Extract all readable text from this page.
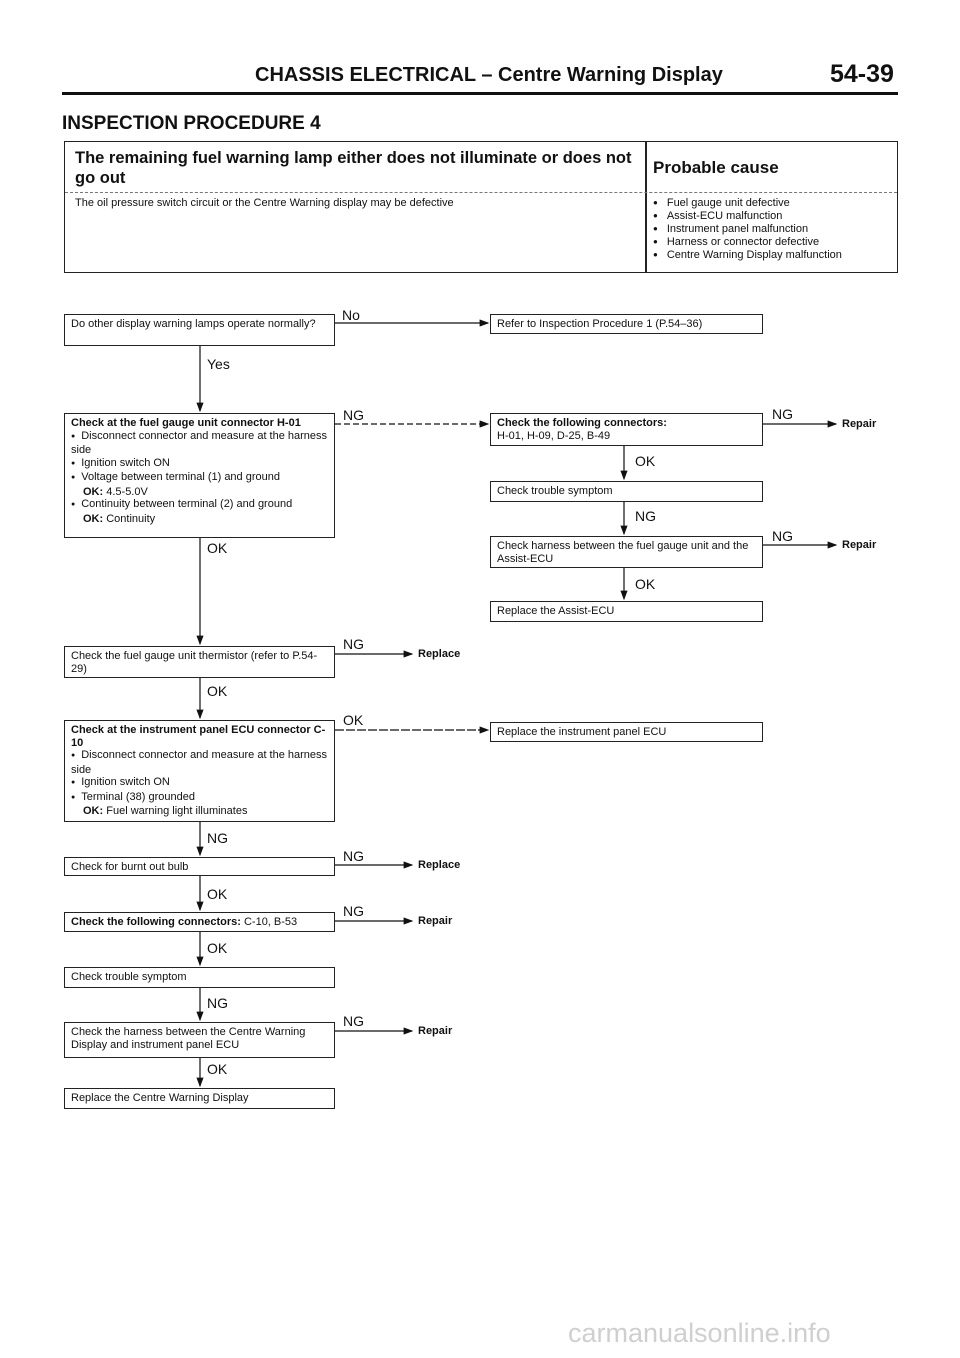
CHASSIS ELECTRICAL – Centre Warning Display	54-39
INSPECTION PROCEDURE 4
The remaining fuel warning lamp either does not illuminate or does not go out
Probable cause
The oil pressure switch circuit or the Centre Warning display may be defective
●	Fuel gauge unit defective
● Assist-ECU malfunction
● Instrument panel malfunction
● Harness or connector defective
● Centre Warning Display malfunction
Do other display warning lamps operate normally?
Check at the fuel gauge unit connector H-01
● Disconnect connector and measure at the harness side
● Ignition switch ON
● Voltage between terminal (1) and ground
OK: 4.5-5.0V
● Continuity between terminal (2) and ground
OK: Continuity
Check the fuel gauge unit thermistor (refer to P.54-29)
Check at the instrument panel ECU connector C-10
● Disconnect connector and measure at the harness side
● Ignition switch ON
● Terminal (38) grounded
OK: Fuel warning light illuminates
Check for burnt out bulb
Check the following connectors: C-10, B-53
Check trouble symptom
Check the harness between the Centre Warning Display and instrument panel ECU
Replace the Centre Warning Display
Refer to Inspection Procedure 1 (P.54–36)
Check the following connectors:
H-01, H-09, D-25, B-49
Check trouble symptom
Check harness between the fuel gauge unit and the Assist-ECU
Replace the Assist-ECU
Replace the instrument panel ECU
No
Yes
NG	NG
OK
NG
OK
NG
OK
NG
OK
OK
NG
NG
OK
NG
OK
NG
NG
OK
Repair
Repair
Replace
Replace
Repair
Repair
carmanualsonline.info
